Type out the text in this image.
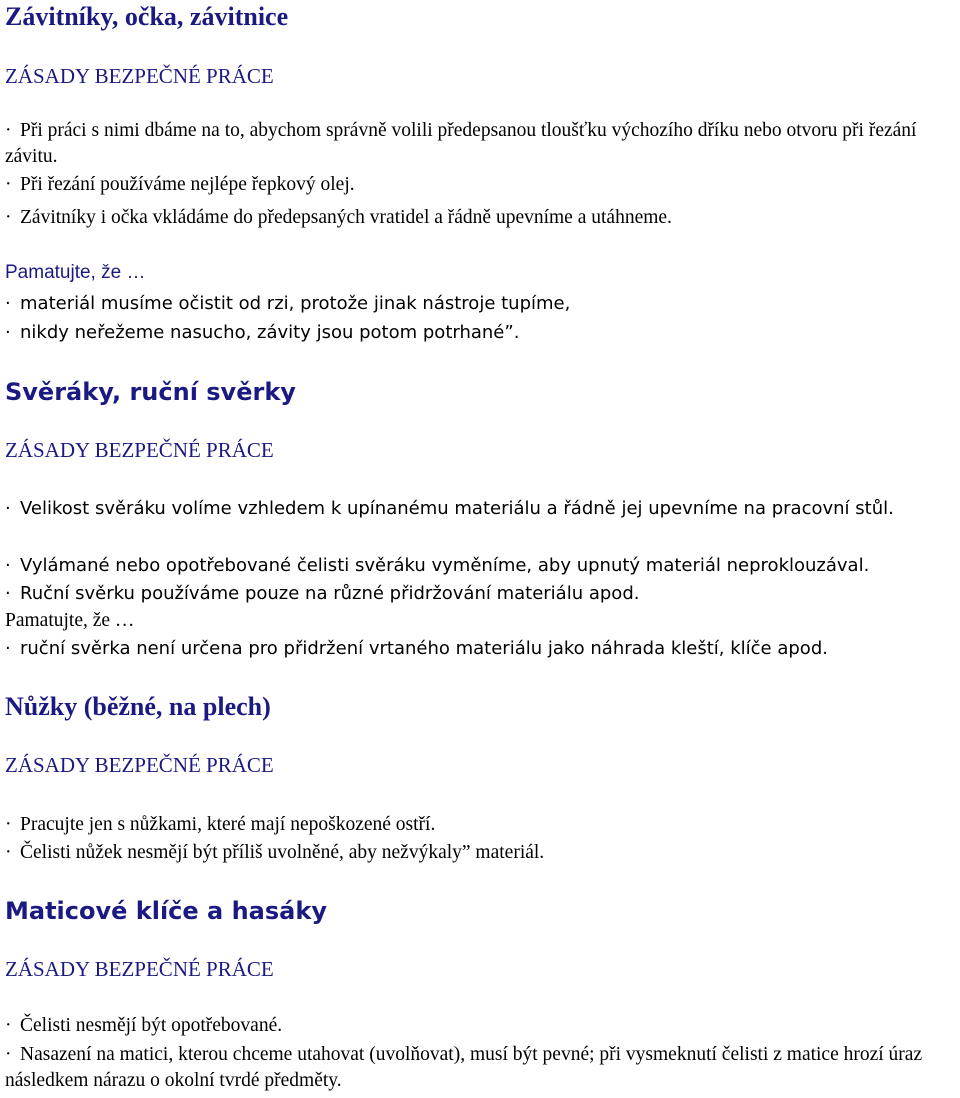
Závitníky, očka, závitnice
ZÁSADY BEZPEČNÉ PRÁCE
· Při práci s nimi dbáme na to, abychom správně volili předepsanou tloušťku výchozího dříku nebo otvoru při řezání závitu.
· Při řezání používáme nejlépe řepkový olej.
· Závitníky i očka vkládáme do předepsaných vratidel a řádně upevníme a utáhneme.
Pamatujte, že …
· materiál musíme očistit od rzi, protože jinak nástroje tupíme,
· nikdy neřežeme nasucho, závity jsou potom potrhané”.
Svěráky, ruční svěrky
ZÁSADY BEZPEČNÉ PRÁCE
· Velikost svěráku volíme vzhledem k upínanému materiálu a řádně jej upevníme na pracovní stůl.
· Vylámané nebo opotřebované čelisti svěráku vyměníme, aby upnutý materiál neproklouzával.
· Ruční svěrku používáme pouze na různé přidržování materiálu apod.
Pamatujte, že …
· ruční svěrka není určena pro přidržení vrtaného materiálu jako náhrada kleští, klíče apod.
Nůžky (běžné, na plech)
ZÁSADY BEZPEČNÉ PRÁCE
· Pracujte jen s nůžkami, které mají nepoškozené ostří.
· Čelisti nůžek nesmějí být příliš uvolněné, aby nežvýkaly” materiál.
Maticové klíče a hasáky
ZÁSADY BEZPEČNÉ PRÁCE
· Čelisti nesmějí být opotřebované.
· Nasazení na matici, kterou chceme utahovat (uvolňovat), musí být pevné; při vysmeknutí čelisti z matice hrozí úraz následkem nárazu o okolní tvrdé předměty.
